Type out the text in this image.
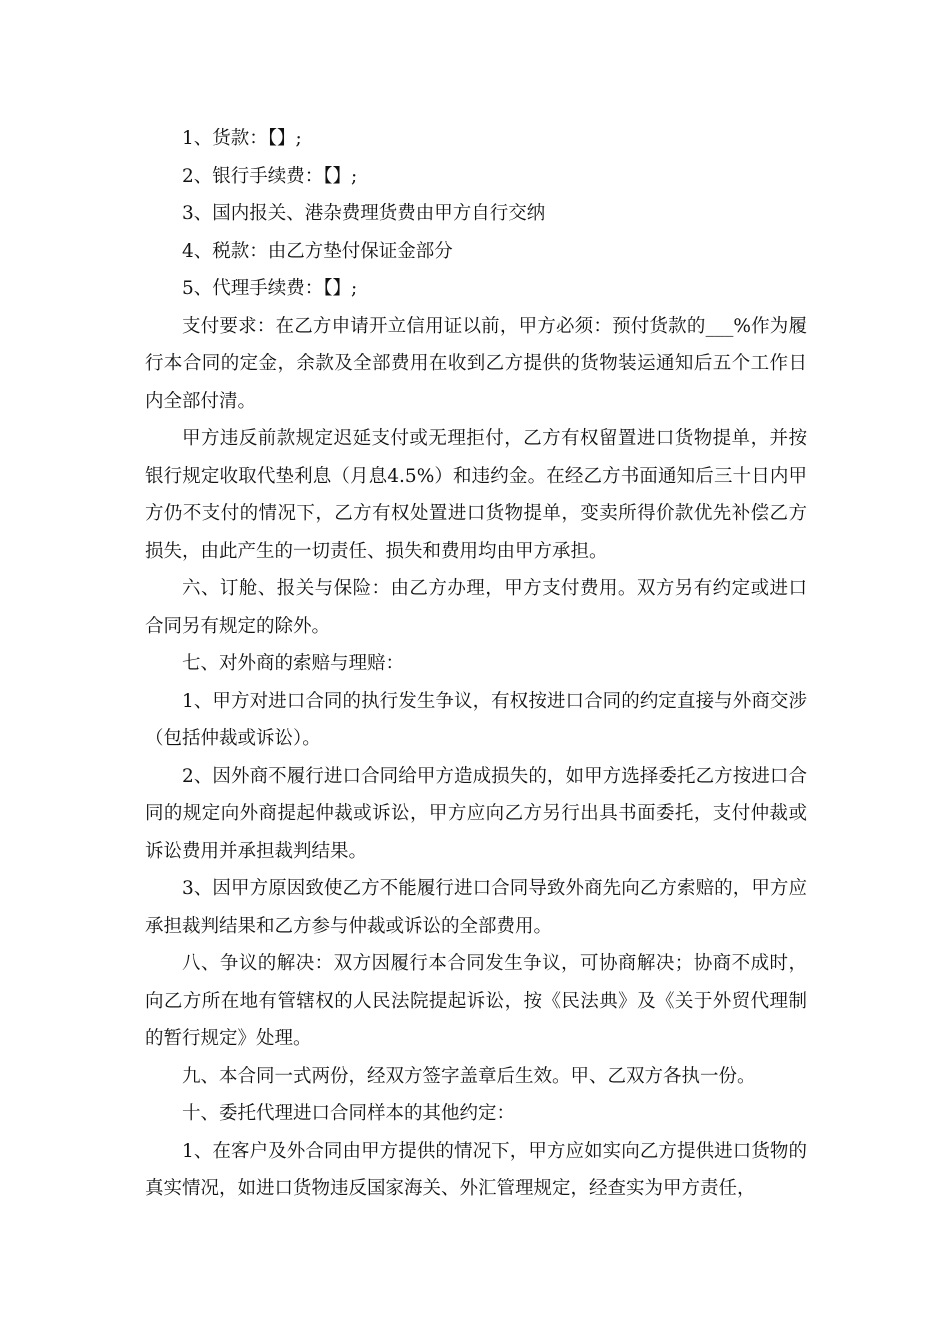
1、货款：【】;

2、银行手续费：【】;

3、国内报关、港杂费理货费由甲方自行交纳

4、税款：由乙方垫付保证金部分

5、代理手续费：【】;

支付要求：在乙方申请开立信用证以前，甲方必须：预付货款的___%作为履行本合同的定金，余款及全部费用在收到乙方提供的货物装运通知后五个工作日内全部付清。

甲方违反前款规定迟延支付或无理拒付，乙方有权留置进口货物提单，并按银行规定收取代垫利息（月息4.5%）和违约金。在经乙方书面通知后三十日内甲方仍不支付的情况下，乙方有权处置进口货物提单，变卖所得价款优先补偿乙方损失，由此产生的一切责任、损失和费用均由甲方承担。

六、订舱、报关与保险：由乙方办理，甲方支付费用。双方另有约定或进口合同另有规定的除外。

七、对外商的索赔与理赔：

1、甲方对进口合同的执行发生争议，有权按进口合同的约定直接与外商交涉（包括仲裁或诉讼）。

2、因外商不履行进口合同给甲方造成损失的，如甲方选择委托乙方按进口合同的规定向外商提起仲裁或诉讼，甲方应向乙方另行出具书面委托，支付仲裁或诉讼费用并承担裁判结果。

3、因甲方原因致使乙方不能履行进口合同导致外商先向乙方索赔的，甲方应承担裁判结果和乙方参与仲裁或诉讼的全部费用。

八、争议的解决：双方因履行本合同发生争议，可协商解决；协商不成时，向乙方所在地有管辖权的人民法院提起诉讼，按《民法典》及《关于外贸代理制的暂行规定》处理。

九、本合同一式两份，经双方签字盖章后生效。甲、乙双方各执一份。

十、委托代理进口合同样本的其他约定：

1、在客户及外合同由甲方提供的情况下，甲方应如实向乙方提供进口货物的真实情况，如进口货物违反国家海关、外汇管理规定，经查实为甲方责任，
